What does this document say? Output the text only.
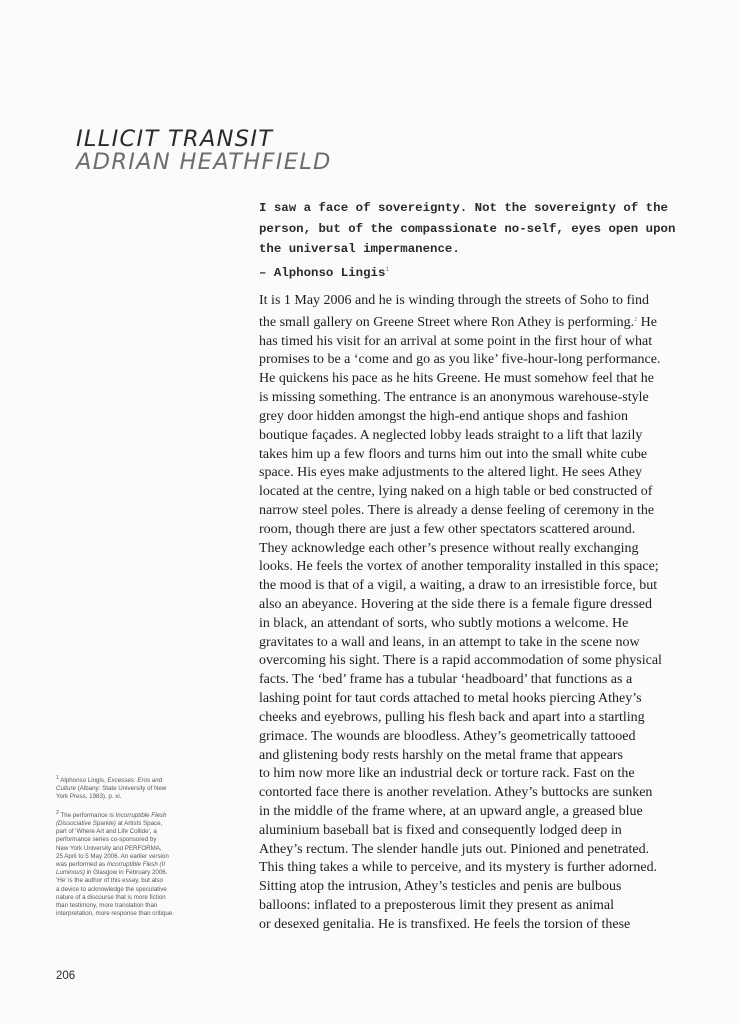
ILLICIT TRANSIT
ADRIAN HEATHFIELD

I saw a face of sovereignty. Not the sovereignty of the

person, but of the compassionate no-self, eyes open upon

the universal impermanence.

– Alphonso Lingis$^1$

It is 1 May 2006 and he is winding through the streets of Soho to find
the small gallery on Greene Street where Ron Athey is performing.$^2$ He
has timed his visit for an arrival at some point in the first hour of what
promises to be a ‘come and go as you like’ five-hour-long performance.
He quickens his pace as he hits Greene. He must somehow feel that he
is missing something. The entrance is an anonymous warehouse-style
grey door hidden amongst the high-end antique shops and fashion
boutique façades. A neglected lobby leads straight to a lift that lazily
takes him up a few floors and turns him out into the small white cube
space. His eyes make adjustments to the altered light. He sees Athey
located at the centre, lying naked on a high table or bed constructed of
narrow steel poles. There is already a dense feeling of ceremony in the
room, though there are just a few other spectators scattered around.
They acknowledge each other’s presence without really exchanging
looks. He feels the vortex of another temporality installed in this space;
the mood is that of a vigil, a waiting, a draw to an irresistible force, but
also an abeyance. Hovering at the side there is a female figure dressed
in black, an attendant of sorts, who subtly motions a welcome. He
gravitates to a wall and leans, in an attempt to take in the scene now
overcoming his sight. There is a rapid accommodation of some physical
facts. The ‘bed’ frame has a tubular ‘headboard’ that functions as a
lashing point for taut cords attached to metal hooks piercing Athey’s
cheeks and eyebrows, pulling his flesh back and apart into a startling
grimace. The wounds are bloodless. Athey’s geometrically tattooed
and glistening body rests harshly on the metal frame that appears
to him now more like an industrial deck or torture rack. Fast on the
contorted face there is another revelation. Athey’s buttocks are sunken
in the middle of the frame where, at an upward angle, a greased blue
aluminium baseball bat is fixed and consequently lodged deep in
Athey’s rectum. The slender handle juts out. Pinioned and penetrated.
This thing takes a while to perceive, and its mystery is further adorned.
Sitting atop the intrusion, Athey’s testicles and penis are bulbous
balloons: inflated to a preposterous limit they present as animal
or desexed genitalia. He is transfixed. He feels the torsion of these

$^1$ Alphonso Lingis, Excesses: Eros and
Culture (Albany: State University of New
York Press, 1983), p. xi.

$^2$ The performance is Incorruptible Flesh
(Dissociative Sparkle) at Artists Space,
part of ‘Where Art and Life Collide’, a
performance series co-sponsored by
New York University and PERFORMA,
25 April to 5 May 2006. An earlier version
was performed as Incorruptible Flesh (II
Luminous) in Glasgow in February 2006.
‘He’ is the author of this essay, but also
a device to acknowledge the speculative
nature of a discourse that is more fiction
than testimony, more translation than
interpretation, more response than critique.

206
